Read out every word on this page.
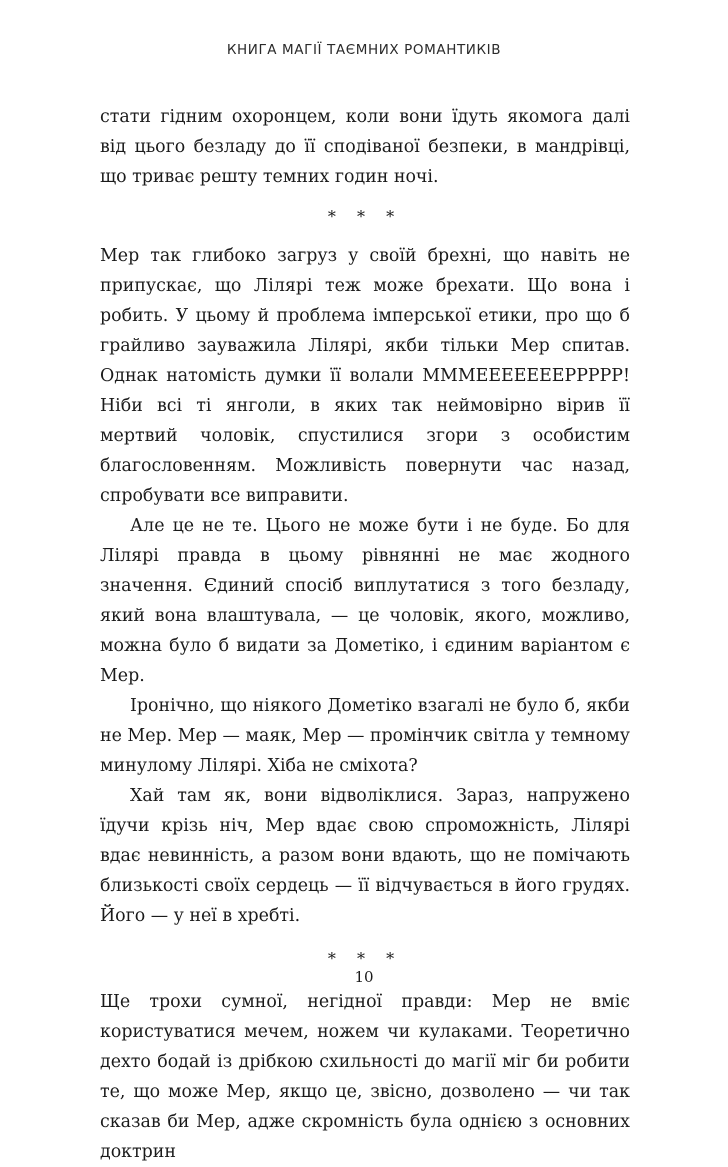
КНИГА МАГІЇ ТАЄМНИХ РОМАНТИКІВ

стати гідним охоронцем, коли вони їдуть якомога далі від цього безладу до її сподіваної безпеки, в мандрівці, що триває решту темних годин ночі.

* * *

Мер так глибоко загруз у своїй брехні, що навіть не припускає, що Лілярі теж може брехати. Що вона і робить. У цьому й проблема імперської етики, про що б грайливо зауважила Лілярі, якби тільки Мер спитав. Однак натомість думки її волали ММMEEEEEEEPPPPP! Ніби всі ті янголи, в яких так неймовірно вірив її мертвий чоловік, спустилися згори з особистим благословенням. Можливість повернути час назад, спробувати все виправити.

Але це не те. Цього не може бути і не буде. Бо для Лілярі правда в цьому рівнянні не має жодного значення. Єдиний спосіб виплутатися з того безладу, який вона влаштувала, — це чоловік, якого, можливо, можна було б видати за Дометіко, і єдиним варіантом є Мер.

Іронічно, що ніякого Дометіко взагалі не було б, якби не Мер. Мер — маяк, Мер — промінчик світла у темному минулому Лілярі. Хіба не сміхота?

Хай там як, вони відволіклися. Зараз, напружено їдучи крізь ніч, Мер вдає свою спроможність, Лілярі вдає невинність, а разом вони вдають, що не помічають близькості своїх сердець — її відчувається в його грудях. Його — у неї в хребті.

* * *

Ще трохи сумної, негідної правди: Мер не вміє користуватися мечем, ножем чи кулаками. Теоретично дехто бодай із дрібкою схильності до магії міг би робити те, що може Мер, якщо це, звісно, дозволено — чи так сказав би Мер, адже скромність була однією з основних доктрин

10
